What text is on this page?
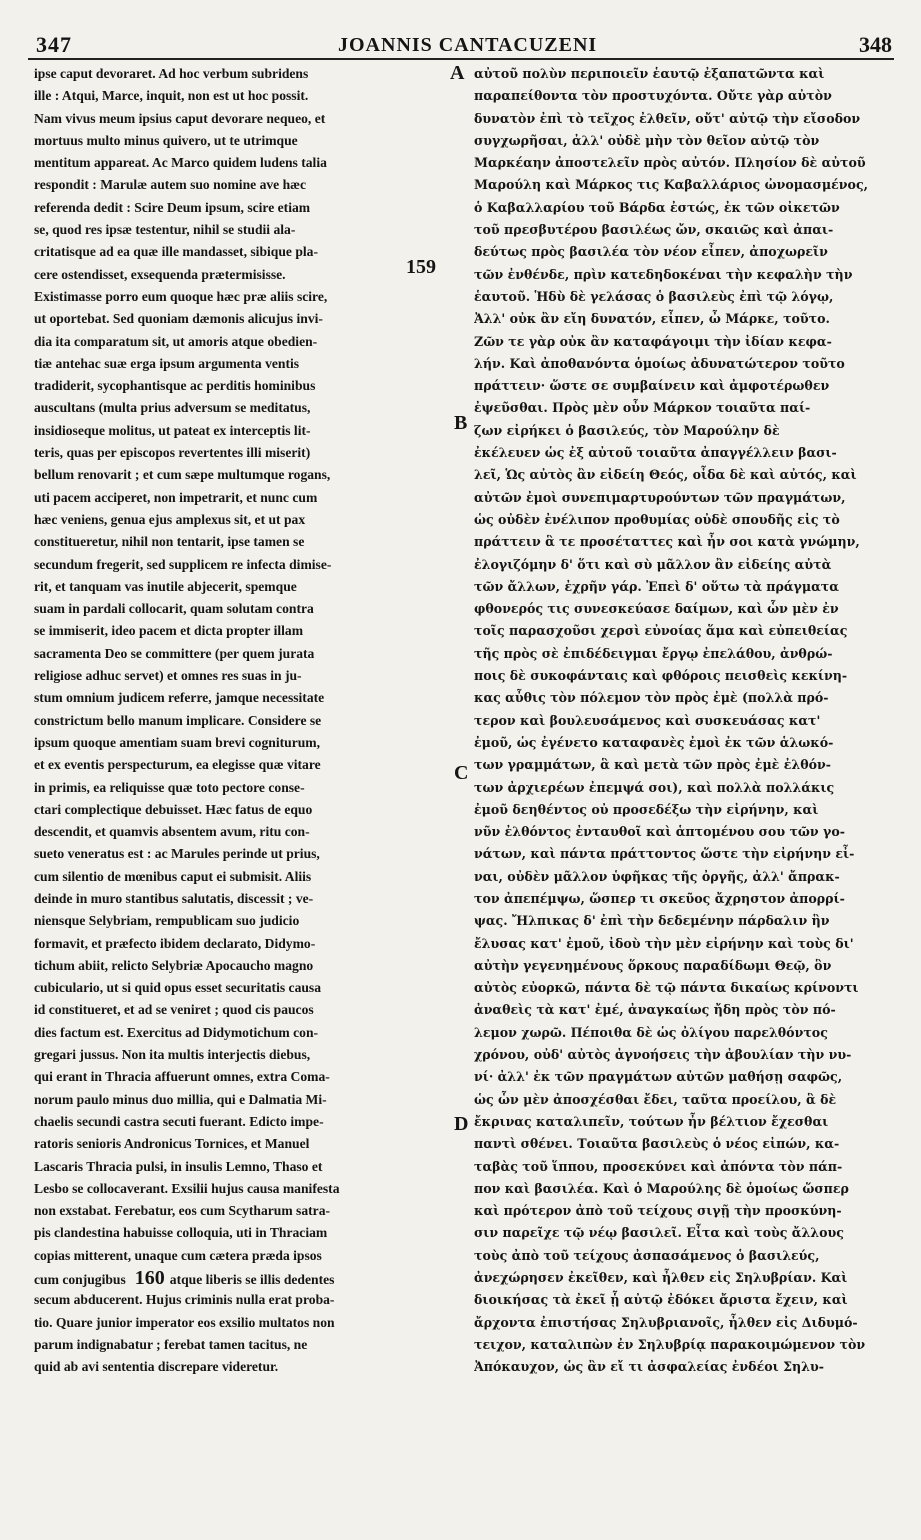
347	JOANNIS CANTACUZENI	348
ipse caput devoraret. Ad hoc verbum subridens
ille : Atqui, Marce, inquit, non est ut hoc possit.
Nam vivus meum ipsius caput devorare nequeo, et
mortuus multo minus quivero, ut te utrimque
mentitum appareat. Ac Marco quidem ludens talia
respondit : Marulæ autem suo nomine ave hæc
referenda dedit : Scire Deum ipsum, scire etiam
se, quod res ipsæ testentur, nihil se studii ala-
critatisque ad ea quæ ille mandasset, sibique pla-
cere ostendisset, exsequenda prætermisisse.
Existimasse porro eum quoque hæc præ aliis scire,
ut oportebat. Sed quoniam dæmonis alicujus invi-
dia ita comparatum sit, ut amoris atque obedien-
tiæ antehac suæ erga ipsum argumenta ventis
tradiderit, sycophantisque ac perditis hominibus
auscultans (multa prius adversum se meditatus,
insidioseque molitus, ut pateat ex interceptis lit-
teris, quas per episcopos revertentes illi miserit)
bellum renovarit ; et cum sæpe multumque rogans,
uti pacem acciperet, non impetrarit, et nunc cum
hæc veniens, genua ejus amplexus sit, et ut pax
constitueretur, nihil non tentarit, ipse tamen se
secundum fregerit, sed supplicem re infecta dimise-
rit, et tanquam vas inutile abjecerit, spemque
suam in pardali collocarit, quam solutam contra
se immiserit, ideo pacem et dicta propter illam
sacramenta Deo se committere (per quem jurata
religiose adhuc servet) et omnes res suas in ju-
stum omnium judicem referre, jamque necessitate
constrictum bello manum implicare. Considere se
ipsum quoque amentiam suam brevi cogniturum,
et ex eventis perspecturum, ea elegisse quæ vitare
in primis, ea reliquisse quæ toto pectore conse-
ctari complectique debuisset. Hæc fatus de equo
descendit, et quamvis absentem avum, ritu con-
sueto veneratus est : ac Marules perinde ut prius,
cum silentio de mœnibus caput ei submisit. Aliis
deinde in muro stantibus salutatis, discessit ; ve-
niensque Selybriam, rempublicam suo judicio
formavit, et præfecto ibidem declarato, Didymo-
tichum abiit, relicto Selybriæ Apocaucho magno
cubiculario, ut si quid opus esset securitatis causa
id constitueret, et ad se veniret ; quod cis paucos
dies factum est. Exercitus ad Didymotichum con-
gregari jussus. Non ita multis interjectis diebus,
qui erant in Thracia affuerunt omnes, extra Coma-
norum paulo minus duo millia, qui e Dalmatia Mi-
chaelis secundi castra secuti fuerant. Edicto impe-
ratoris senioris Andronicus Tornices, et Manuel
Lascaris Thracia pulsi, in insulis Lemno, Thaso et
Lesbo se collocaverant. Exsilii hujus causa manifesta
non exstabat. Ferebatur, eos cum Scytharum satra-
pis clandestina habuisse colloquia, uti in Thraciam
copias mitterent, unaque cum cætera præda ipsos
cum conjugibus 160 atque liberis se illis dedentes
secum abducerent. Hujus criminis nulla erat proba-
tio. Quare junior imperator eos exsilio multatos non
parum indignabatur ; ferebat tamen tacitus, ne
quid ab avi sententia discrepare videretur.
αὐτοῦ πολὺν περιποιεῖν ἑαυτῷ ἐξαπατῶντα καὶ
παραπείθοντα τὸν προστυχόντα. Οὔτε γὰρ αὐτὸν
δυνατὸν ἐπὶ τὸ τεῖχος ἐλθεῖν, οὔτ' αὐτῷ τὴν εἴσοδον
συγχωρῆσαι, ἀλλ' οὐδὲ μὴν τὸν θεῖον αὐτῷ τὸν
Μαρκέαην ἀποστελεῖν πρὸς αὐτόν. Πλησίον δὲ αὐτοῦ
Μαρούλη καὶ Μάρκος τις Καβαλλάριος ὠνομασμένος,
ὁ Καβαλλαρίου τοῦ Βάρδα ἐστώς, ἐκ τῶν οἰκετῶν
τοῦ πρεσβυτέρου βασιλέως ὤν, σκαιῶς καὶ ἀπαι-
δεύτως πρὸς βασιλέα τὸν νέον εἶπεν, ἀποχωρεῖν
τῶν ἐνθένδε, πρὶν κατεδηδοκέναι τὴν κεφαλὴν τὴν
ἑαυτοῦ. Ἡδὺ δὲ γελάσας ὁ βασιλεὺς ἐπὶ τῷ λόγῳ,
Ἀλλ' οὐκ ἂν εἴη δυνατόν, εἶπεν, ὦ Μάρκε, τοῦτο.
Ζῶν τε γὰρ οὐκ ἂν καταφάγοιμι τὴν ἰδίαν κεφα-
λήν. Καὶ ἀποθανόντα ὁμοίως ἀδυνατώτερον τοῦτο
πράττειν· ὥστε σε συμβαίνειν καὶ ἀμφοτέρωθεν
ἐψεῦσθαι. Πρὸς μὲν οὖν Μάρκον τοιαῦτα παί-
ζων εἰρήκει ὁ βασιλεύς, τὸν Μαρούλην δὲ
ἐκέλευεν ὡς ἐξ αὐτοῦ τοιαῦτα ἀπαγγέλλειν βασι-
λεῖ, Ὡς αὐτὸς ἂν εἰδείη Θεός, οἶδα δὲ καὶ αὐτός, καὶ
αὐτῶν ἐμοὶ συνεπιμαρτυρούντων τῶν πραγμάτων,
ὡς οὐδὲν ἐνέλιπον προθυμίας οὐδὲ σπουδῆς εἰς τὸ
πράττειν ἃ τε προσέταττες καὶ ἦν σοι κατὰ γνώμην,
ἐλογιζόμην δ' ὅτι καὶ σὺ μᾶλλον ἂν εἰδείης αὐτὰ
τῶν ἄλλων, ἐχρῆν γάρ. Ἐπεὶ δ' οὕτω τὰ πράγματα
φθονερός τις συνεσκεύασε δαίμων, καὶ ὧν μὲν ἐν
τοῖς παρασχοῦσι χερσὶ εὐνοίας ἅμα καὶ εὐπειθείας
τῆς πρὸς σὲ ἐπιδέδειγμαι ἔργῳ ἐπελάθου, ἀνθρώ-
ποις δὲ συκοφάνταις καὶ φθόροις πεισθεὶς κεκίνη-
κας αὖθις τὸν πόλεμον τὸν πρὸς ἐμὲ (πολλὰ πρό-
τερον καὶ βουλευσάμενος καὶ συσκευάσας κατ'
ἐμοῦ, ὡς ἐγένετο καταφανὲς ἐμοὶ ἐκ τῶν ἁλωκό-
των γραμμάτων, ἃ καὶ μετὰ τῶν πρὸς ἐμὲ ἐλθόν-
των ἀρχιερέων ἐπεμψά σοι), καὶ πολλὰ πολλάκις
ἐμοῦ δεηθέντος οὐ προσεδέξω τὴν εἰρήνην, καὶ
νῦν ἐλθόντος ἐνταυθοῖ καὶ ἁπτομένου σου τῶν γο-
νάτων, καὶ πάντα πράττοντος ὥστε τὴν εἰρήνην εἶ-
ναι, οὐδὲν μᾶλλον ὑφῆκας τῆς ὀργῆς, ἀλλ' ἄπρακ-
τον ἀπεπέμψω, ὥσπερ τι σκεῦος ἄχρηστον ἀπορρί-
ψας. Ἤλπικας δ' ἐπὶ τὴν δεδεμένην πάρδαλιν ἣν
ἔλυσας κατ' ἐμοῦ, ἰδοὺ τὴν μὲν εἰρήνην καὶ τοὺς δι'
αὐτὴν γεγενημένους ὅρκους παραδίδωμι Θεῷ, ὃν
αὐτὸς εὐορκῶ, πάντα δὲ τῷ πάντα δικαίως κρίνοντι
ἀναθεὶς τὰ κατ' ἐμέ, ἀναγκαίως ἤδη πρὸς τὸν πό-
λεμον χωρῶ. Πέποιθα δὲ ὡς ὀλίγου παρελθόντος
χρόνου, οὐδ' αὐτὸς ἀγνοήσεις τὴν ἀβουλίαν τὴν νυ-
νί· ἀλλ' ἐκ τῶν πραγμάτων αὐτῶν μαθήσῃ σαφῶς,
ὡς ὧν μὲν ἀποσχέσθαι ἔδει, ταῦτα προείλου, ἃ δὲ
ἔκρινας καταλιπεῖν, τούτων ἦν βέλτιον ἔχεσθαι
παντὶ σθένει. Τοιαῦτα βασιλεὺς ὁ νέος εἰπών, κα-
ταβὰς τοῦ ἵππου, προσεκύνει καὶ ἀπόντα τὸν πάπ-
πον καὶ βασιλέα. Καὶ ὁ Μαρούλης δὲ ὁμοίως ὥσπερ
καὶ πρότερον ἀπὸ τοῦ τείχους σιγῇ τὴν προσκύνη-
σιν παρεῖχε τῷ νέῳ βασιλεῖ. Εἶτα καὶ τοὺς ἄλλους
τοὺς ἀπὸ τοῦ τείχους ἀσπασάμενος ὁ βασιλεύς,
ἀνεχώρησεν ἐκεῖθεν, καὶ ἦλθεν εἰς Σηλυβρίαν. Καὶ
διοικήσας τὰ ἐκεῖ ᾗ αὐτῷ ἐδόκει ἄριστα ἔχειν, καὶ
ἄρχοντα ἐπιστήσας Σηλυβριανοῖς, ἦλθεν εἰς Διδυμό-
τειχον, καταλιπὼν ἐν Σηλυβρίᾳ παρακοιμώμενον τὸν
Ἀπόκαυχον, ὡς ἂν εἴ τι ἀσφαλείας ἐνδέοι Σηλυ-
A
B
C
D
159
